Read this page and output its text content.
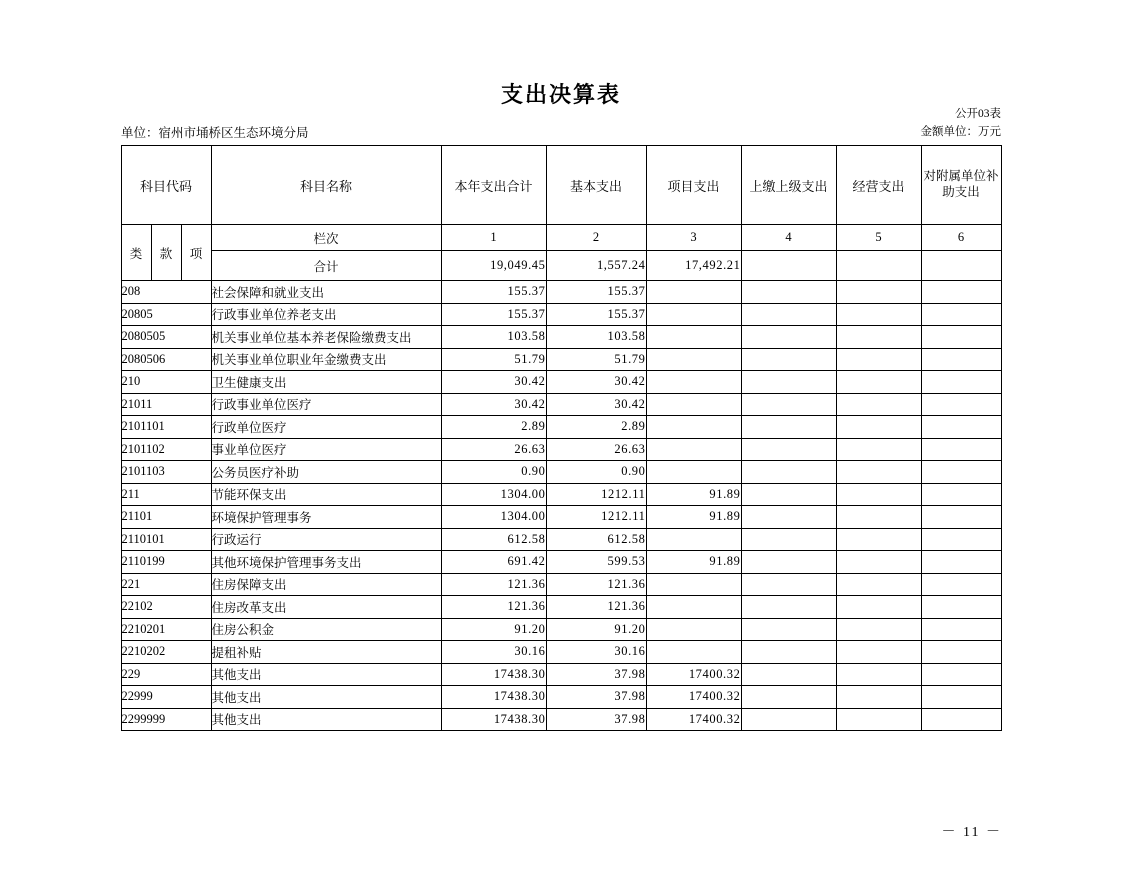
支出决算表
单位：宿州市埇桥区生态环境分局
公开03表
金额单位：万元
科目代码			科目名称	本年支出合计	基本支出	项目支出	上缴上级支出	经营支出	对附属单位补助支出
类	款	项	栏次	1	2	3	4	5	6
			合计	19,049.45	1,557.24	17,492.21			
208			社会保障和就业支出	155.37	155.37				
20805			行政事业单位养老支出	155.37	155.37				
2080505			机关事业单位基本养老保险缴费支出	103.58	103.58				
2080506			机关事业单位职业年金缴费支出	51.79	51.79				
210			卫生健康支出	30.42	30.42				
21011			行政事业单位医疗	30.42	30.42				
2101101			行政单位医疗	2.89	2.89				
2101102			事业单位医疗	26.63	26.63				
2101103			公务员医疗补助	0.90	0.90				
211			节能环保支出	1304.00	1212.11	91.89			
21101			环境保护管理事务	1304.00	1212.11	91.89			
2110101			行政运行	612.58	612.58				
2110199			其他环境保护管理事务支出	691.42	599.53	91.89			
221			住房保障支出	121.36	121.36				
22102			住房改革支出	121.36	121.36				
2210201			住房公积金	91.20	91.20				
2210202			提租补贴	30.16	30.16				
229			其他支出	17438.30	37.98	17400.32			
22999			其他支出	17438.30	37.98	17400.32			
2299999			其他支出	17438.30	37.98	17400.32			
－ 11 －
